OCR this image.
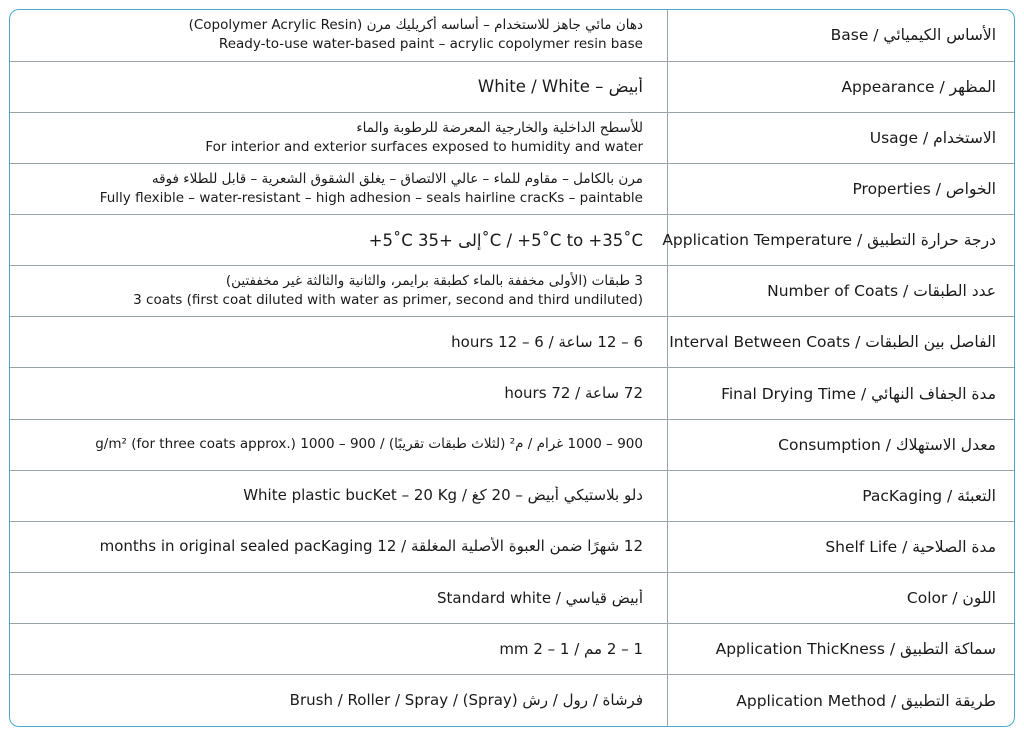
دهان مائي جاهز للاستخدام – أساسه أكريليك مرن (Copolymer Acrylic Resin)
Ready-to-use water-based paint – acrylic copolymer resin base	الأساس الكيميائي / Base

أبيض – White / White	المظهر / Appearance

للأسطح الداخلية والخارجية المعرضة للرطوبة والماء
For interior and exterior surfaces exposed to humidity and water	الاستخدام / Usage

مرن بالكامل – مقاوم للماء – عالي الالتصاق – يغلق الشقوق الشعرية – قابل للطلاء فوقه
Fully flexible – water-resistant – high adhesion – seals hairline cracKs – paintable	الخواص / Properties

+5˚C إلى +35˚C / +5˚C to +35˚C	درجة حرارة التطبيق / Application Temperature

3 طبقات (الأولى مخففة بالماء كطبقة برايمر، والثانية والثالثة غير مخففتين)
3 coats (first coat diluted with water as primer, second and third undiluted)	عدد الطبقات / Number of Coats

6 – 12 ساعة / 6 – 12 hours	الفاصل بين الطبقات / Interval Between Coats

72 ساعة / 72 hours	مدة الجفاف النهائي / Final Drying Time

900 – 1000 غرام / م² (لثلاث طبقات تقريبًا) / 900 – 1000 g/m² (for three coats approx.)	معدل الاستهلاك / Consumption

دلو بلاستيكي أبيض – 20 كغ / White plastic bucKet – 20 Kg	التعبئة / PacKaging

12 شهرًا ضمن العبوة الأصلية المغلقة / 12 months in original sealed pacKaging	مدة الصلاحية / Shelf Life

أبيض قياسي / Standard white	اللون / Color

1 – 2 مم / 1 – 2 mm	سماكة التطبيق / Application ThicKness

فرشاة / رول / رش (Spray) / Brush / Roller / Spray	طريقة التطبيق / Application Method
